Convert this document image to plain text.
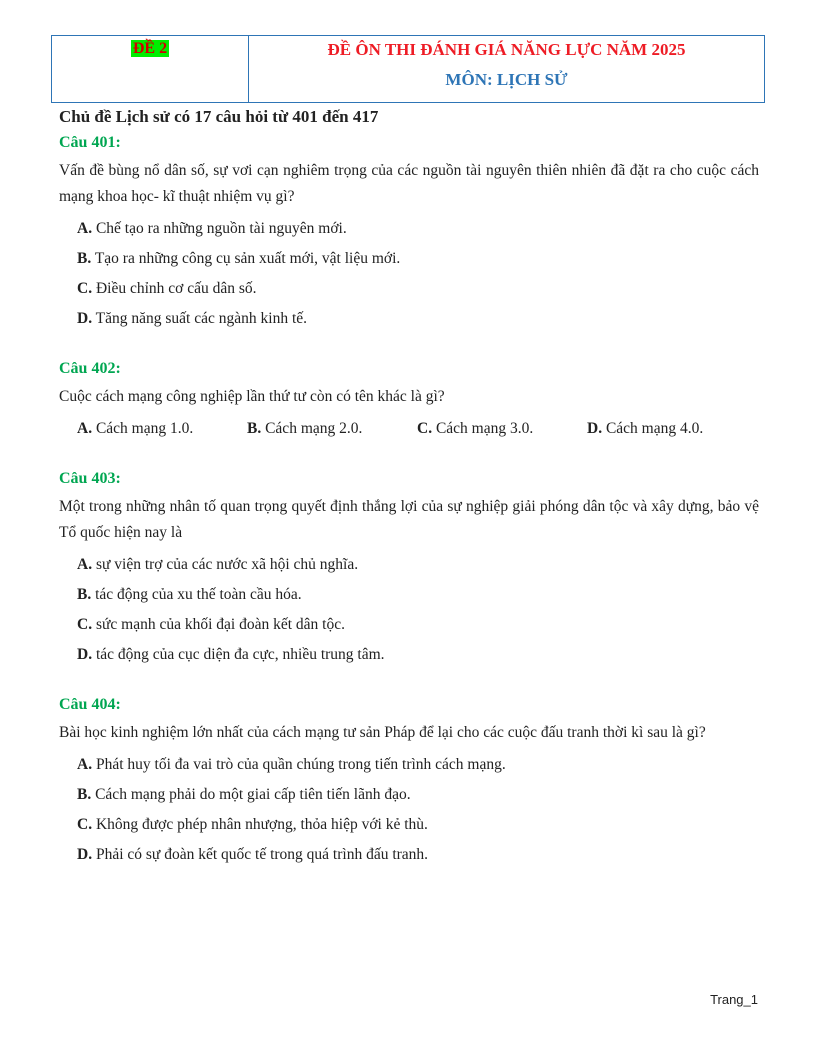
ĐỀ 2	ĐỀ ÔN THI ĐÁNH GIÁ NĂNG LỰC NĂM 2025
MÔN: LỊCH SỬ
Chủ đề Lịch sử có 17 câu hỏi từ 401 đến 417
Câu 401:
Vấn đề bùng nổ dân số, sự vơi cạn nghiêm trọng của các nguồn tài nguyên thiên nhiên đã đặt ra cho cuộc cách mạng khoa học- kĩ thuật nhiệm vụ gì?
A. Chế tạo ra những nguồn tài nguyên mới.
B. Tạo ra những công cụ sản xuất mới, vật liệu mới.
C. Điều chỉnh cơ cấu dân số.
D. Tăng năng suất các ngành kinh tế.
Câu 402:
Cuộc cách mạng công nghiệp lần thứ tư còn có tên khác là gì?
A. Cách mạng 1.0.	B. Cách mạng 2.0.	C. Cách mạng 3.0.	D. Cách mạng 4.0.
Câu 403:
Một trong những nhân tố quan trọng quyết định thắng lợi của sự nghiệp giải phóng dân tộc và xây dựng, bảo vệ Tổ quốc hiện nay là
A. sự viện trợ của các nước xã hội chủ nghĩa.
B. tác động của xu thế toàn cầu hóa.
C. sức mạnh của khối đại đoàn kết dân tộc.
D. tác động của cục diện đa cực, nhiều trung tâm.
Câu 404:
Bài học kinh nghiệm lớn nhất của cách mạng tư sản Pháp để lại cho các cuộc đấu tranh thời kì sau là gì?
A. Phát huy tối đa vai trò của quần chúng trong tiến trình cách mạng.
B. Cách mạng phải do một giai cấp tiên tiến lãnh đạo.
C. Không được phép nhân nhượng, thỏa hiệp với kẻ thù.
D. Phải có sự đoàn kết quốc tế trong quá trình đấu tranh.
Trang_1
